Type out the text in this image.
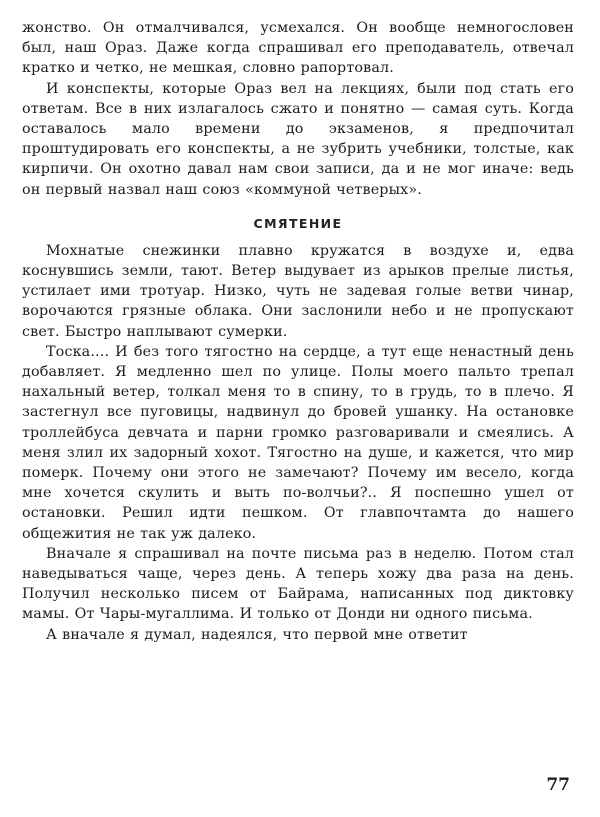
жонство. Он отмалчивался, усмехался. Он вообще немногословен был, наш Ораз. Даже когда спрашивал его преподаватель, отвечал кратко и четко, не мешкая, словно рапортовал.

И конспекты, которые Ораз вел на лекциях, были под стать его ответам. Все в них излагалось сжато и понятно — самая суть. Когда оставалось мало времени до экзаменов, я предпочитал проштудировать его конспекты, а не зубрить учебники, толстые, как кирпичи. Он охотно давал нам свои записи, да и не мог иначе: ведь он первый назвал наш союз «коммуной четверых».

СМЯТЕНИЕ

Мохнатые снежинки плавно кружатся в воздухе и, едва коснувшись земли, тают. Ветер выдувает из арыков прелые листья, устилает ими тротуар. Низко, чуть не задевая голые ветви чинар, ворочаются грязные облака. Они заслонили небо и не пропускают свет. Быстро наплывают сумерки.

Тоска.... И без того тягостно на сердце, а тут еще ненастный день добавляет. Я медленно шел по улице. Полы моего пальто трепал нахальный ветер, толкал меня то в спину, то в грудь, то в плечо. Я застегнул все пуговицы, надвинул до бровей ушанку. На остановке троллейбуса девчата и парни громко разговаривали и смеялись. А меня злил их задорный хохот. Тягостно на душе, и кажется, что мир померк. Почему они этого не замечают? Почему им весело, когда мне хочется скулить и выть по-волчьи?.. Я поспешно ушел от остановки. Решил идти пешком. От главпочтамта до нашего общежития не так уж далеко.

Вначале я спрашивал на почте письма раз в неделю. Потом стал наведываться чаще, через день. А теперь хожу два раза на день. Получил несколько писем от Байрама, написанных под диктовку мамы. От Чары-мугаллима. И только от Донди ни одного письма.

А вначале я думал, надеялся, что первой мне ответит

77
